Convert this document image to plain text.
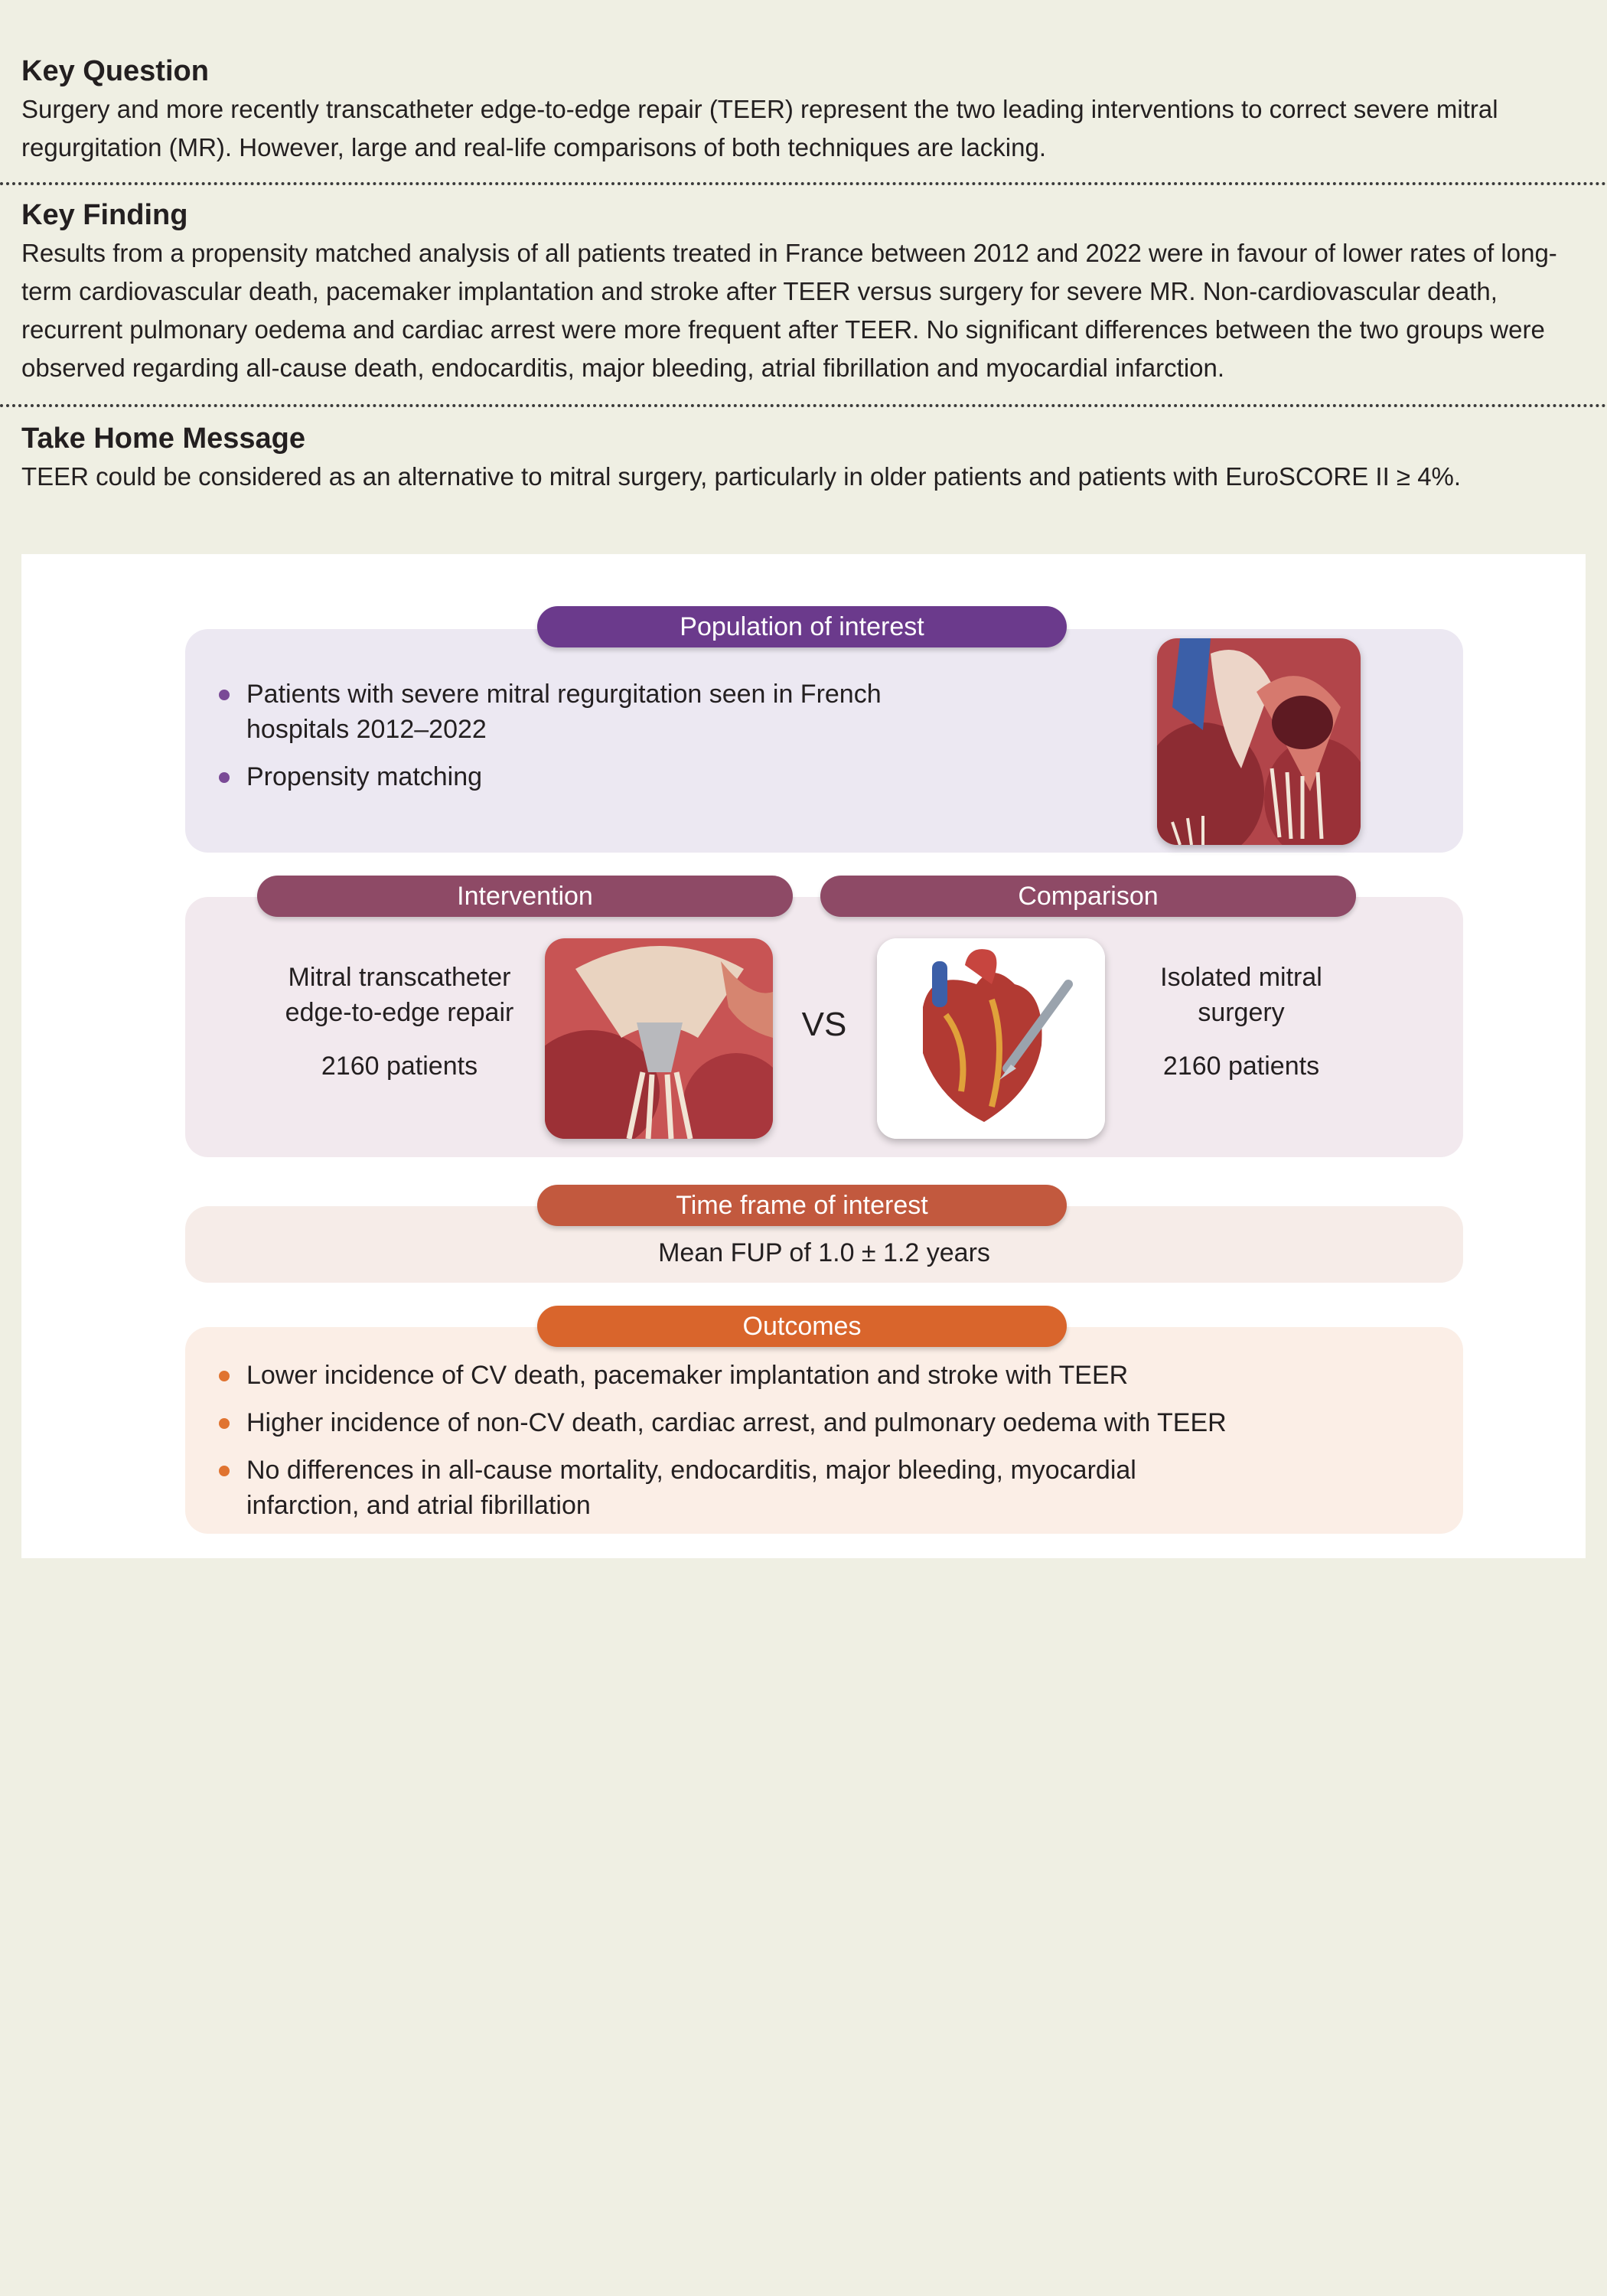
Key Question
Surgery and more recently transcatheter edge-to-edge repair (TEER) represent the two leading interventions to correct severe mitral regurgitation (MR). However, large and real-life comparisons of both techniques are lacking.
Key Finding
Results from a propensity matched analysis of all patients treated in France between 2012 and 2022 were in favour of lower rates of long-term cardiovascular death, pacemaker implantation and stroke after TEER versus surgery for severe MR. Non-cardiovascular death, recurrent pulmonary oedema and cardiac arrest were more frequent after TEER. No significant differences between the two groups were observed regarding all-cause death, endocarditis, major bleeding, atrial fibrillation and myocardial infarction.
Take Home Message
TEER could be considered as an alternative to mitral surgery, particularly in older patients and patients with EuroSCORE II ≥ 4%.
Patients with severe mitral regurgitation seen in French hospitals 2012–2022
Propensity matching
Population of interest
Mitral transcatheter edge-to-edge repair
2160 patients
VS
Isolated mitral surgery
2160 patients
Intervention	Comparison
Mean FUP of 1.0 ± 1.2 years
Time frame of interest
Lower incidence of CV death, pacemaker implantation and stroke with TEER
Higher incidence of non-CV death, cardiac arrest, and pulmonary oedema with TEER
No differences in all-cause mortality, endocarditis, major bleeding, myocardial infarction, and atrial fibrillation
Outcomes
